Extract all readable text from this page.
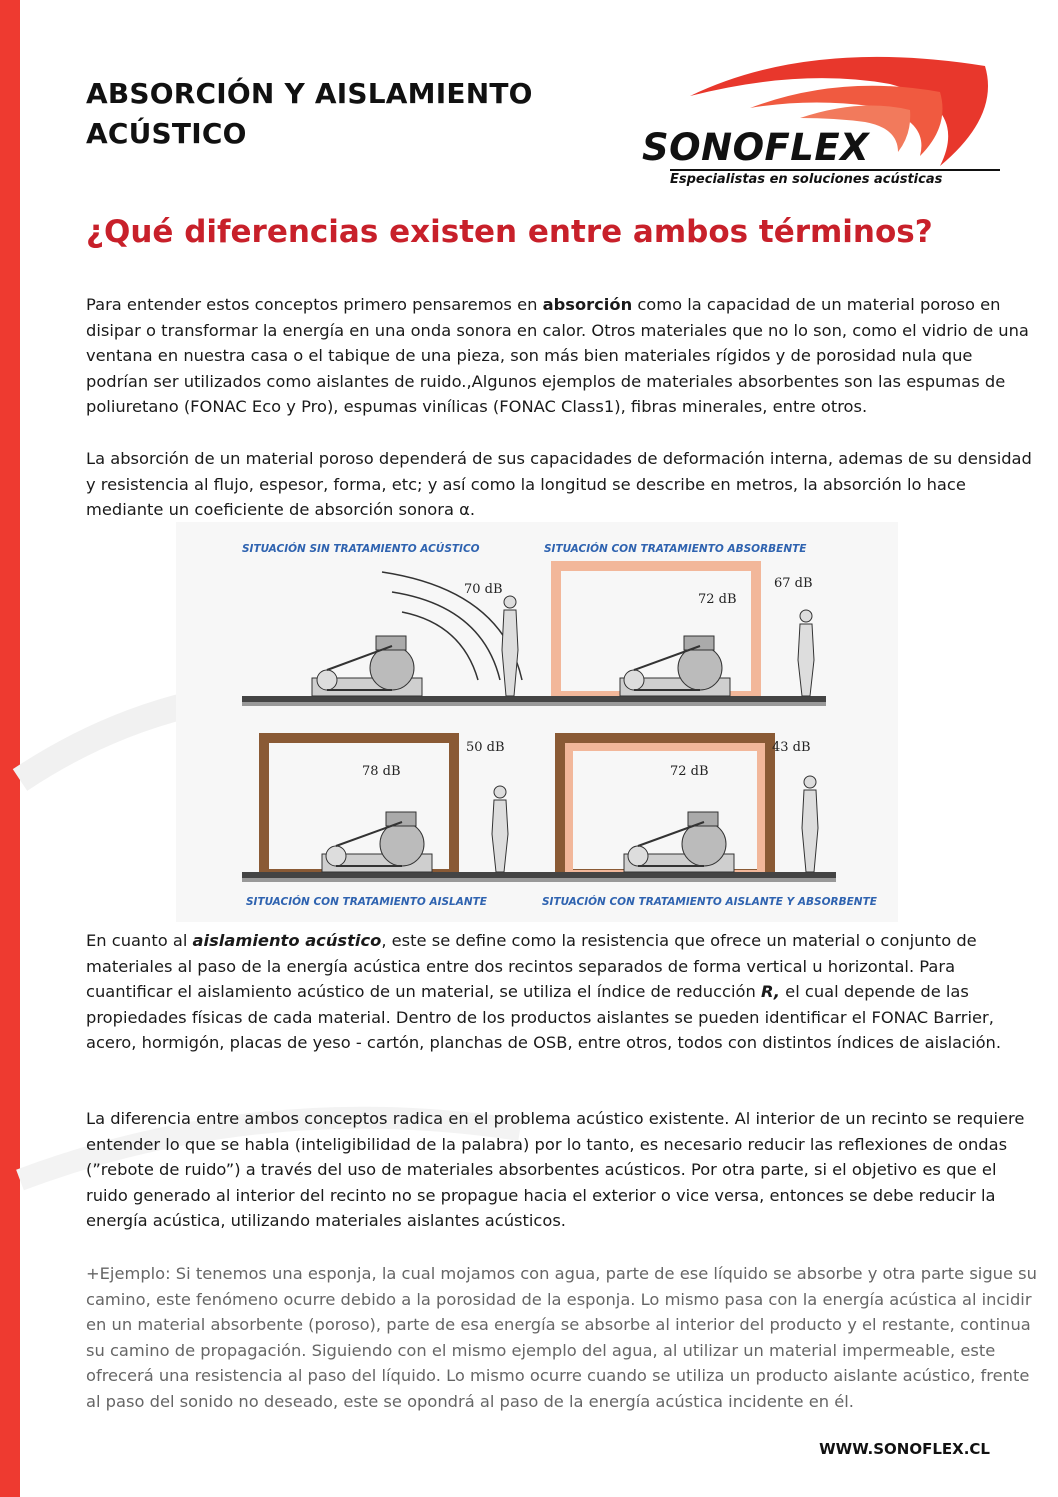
ABSORCIÓN Y AISLAMIENTO
ACÚSTICO	SONOFLEX
Especialistas en soluciones acústicas
¿Qué diferencias existen entre ambos términos?

Para entender estos conceptos primero pensaremos en absorción como la capacidad de un material poroso en disipar o transformar la energía en una onda sonora en calor. Otros materiales que no lo son, como el vidrio de una ventana en nuestra casa o el tabique de una pieza, son más bien materiales rígidos y de porosidad nula que podrían ser utilizados como aislantes de ruido.,Algunos ejemplos de materiales absorbentes son las espumas de poliuretano (FONAC Eco y Pro), espumas vinílicas (FONAC Class1), fibras minerales, entre otros.

La absorción de un material poroso dependerá de sus capacidades de deformación interna, ademas de su densidad y resistencia al flujo, espesor, forma, etc; y así como la longitud se describe en metros, la absorción lo hace mediante un coeficiente de absorción sonora α.

SITUACIÓN SIN TRATAMIENTO ACÚSTICO
70 dB
SITUACIÓN CON TRATAMIENTO ABSORBENTE
72 dB
67 dB
78 dB
50 dB
SITUACIÓN CON TRATAMIENTO AISLANTE
72 dB
43 dB
SITUACIÓN CON TRATAMIENTO AISLANTE Y ABSORBENTE

En cuanto al aislamiento acústico, este se define como la resistencia que ofrece un material o conjunto de materiales al paso de la energía acústica entre dos recintos separados de forma vertical u horizontal. Para cuantificar el aislamiento acústico de un material, se utiliza el índice de reducción R, el cual depende de las propiedades físicas de cada material. Dentro de los productos aislantes se pueden identificar el FONAC Barrier, acero, hormigón, placas de yeso - cartón, planchas de OSB, entre otros, todos con distintos índices de aislación.

La diferencia entre ambos conceptos radica en el problema acústico existente. Al interior de un recinto se requiere entender lo que se habla (inteligibilidad de la palabra) por lo tanto, es necesario reducir las reflexiones de ondas (”rebote de ruido”) a través del uso de materiales absorbentes acústicos. Por otra parte, si el objetivo es que el ruido generado al interior del recinto no se propague hacia el exterior o vice versa, entonces se debe reducir la energía acústica, utilizando materiales aislantes acústicos.

+Ejemplo: Si tenemos una esponja, la cual mojamos con agua, parte de ese líquido se absorbe y otra parte sigue su camino, este fenómeno ocurre debido a la porosidad de la esponja. Lo mismo pasa con la energía acústica al incidir en un material absorbente (poroso), parte de esa energía se absorbe al interior del producto y el restante, continua su camino de propagación. Siguiendo con el mismo ejemplo del agua, al utilizar un material impermeable, este ofrecerá una resistencia al paso del líquido. Lo mismo ocurre cuando se utiliza un producto aislante acústico, frente al paso del sonido no deseado, este se opondrá al paso de la energía acústica incidente en él.

WWW.SONOFLEX.CL
